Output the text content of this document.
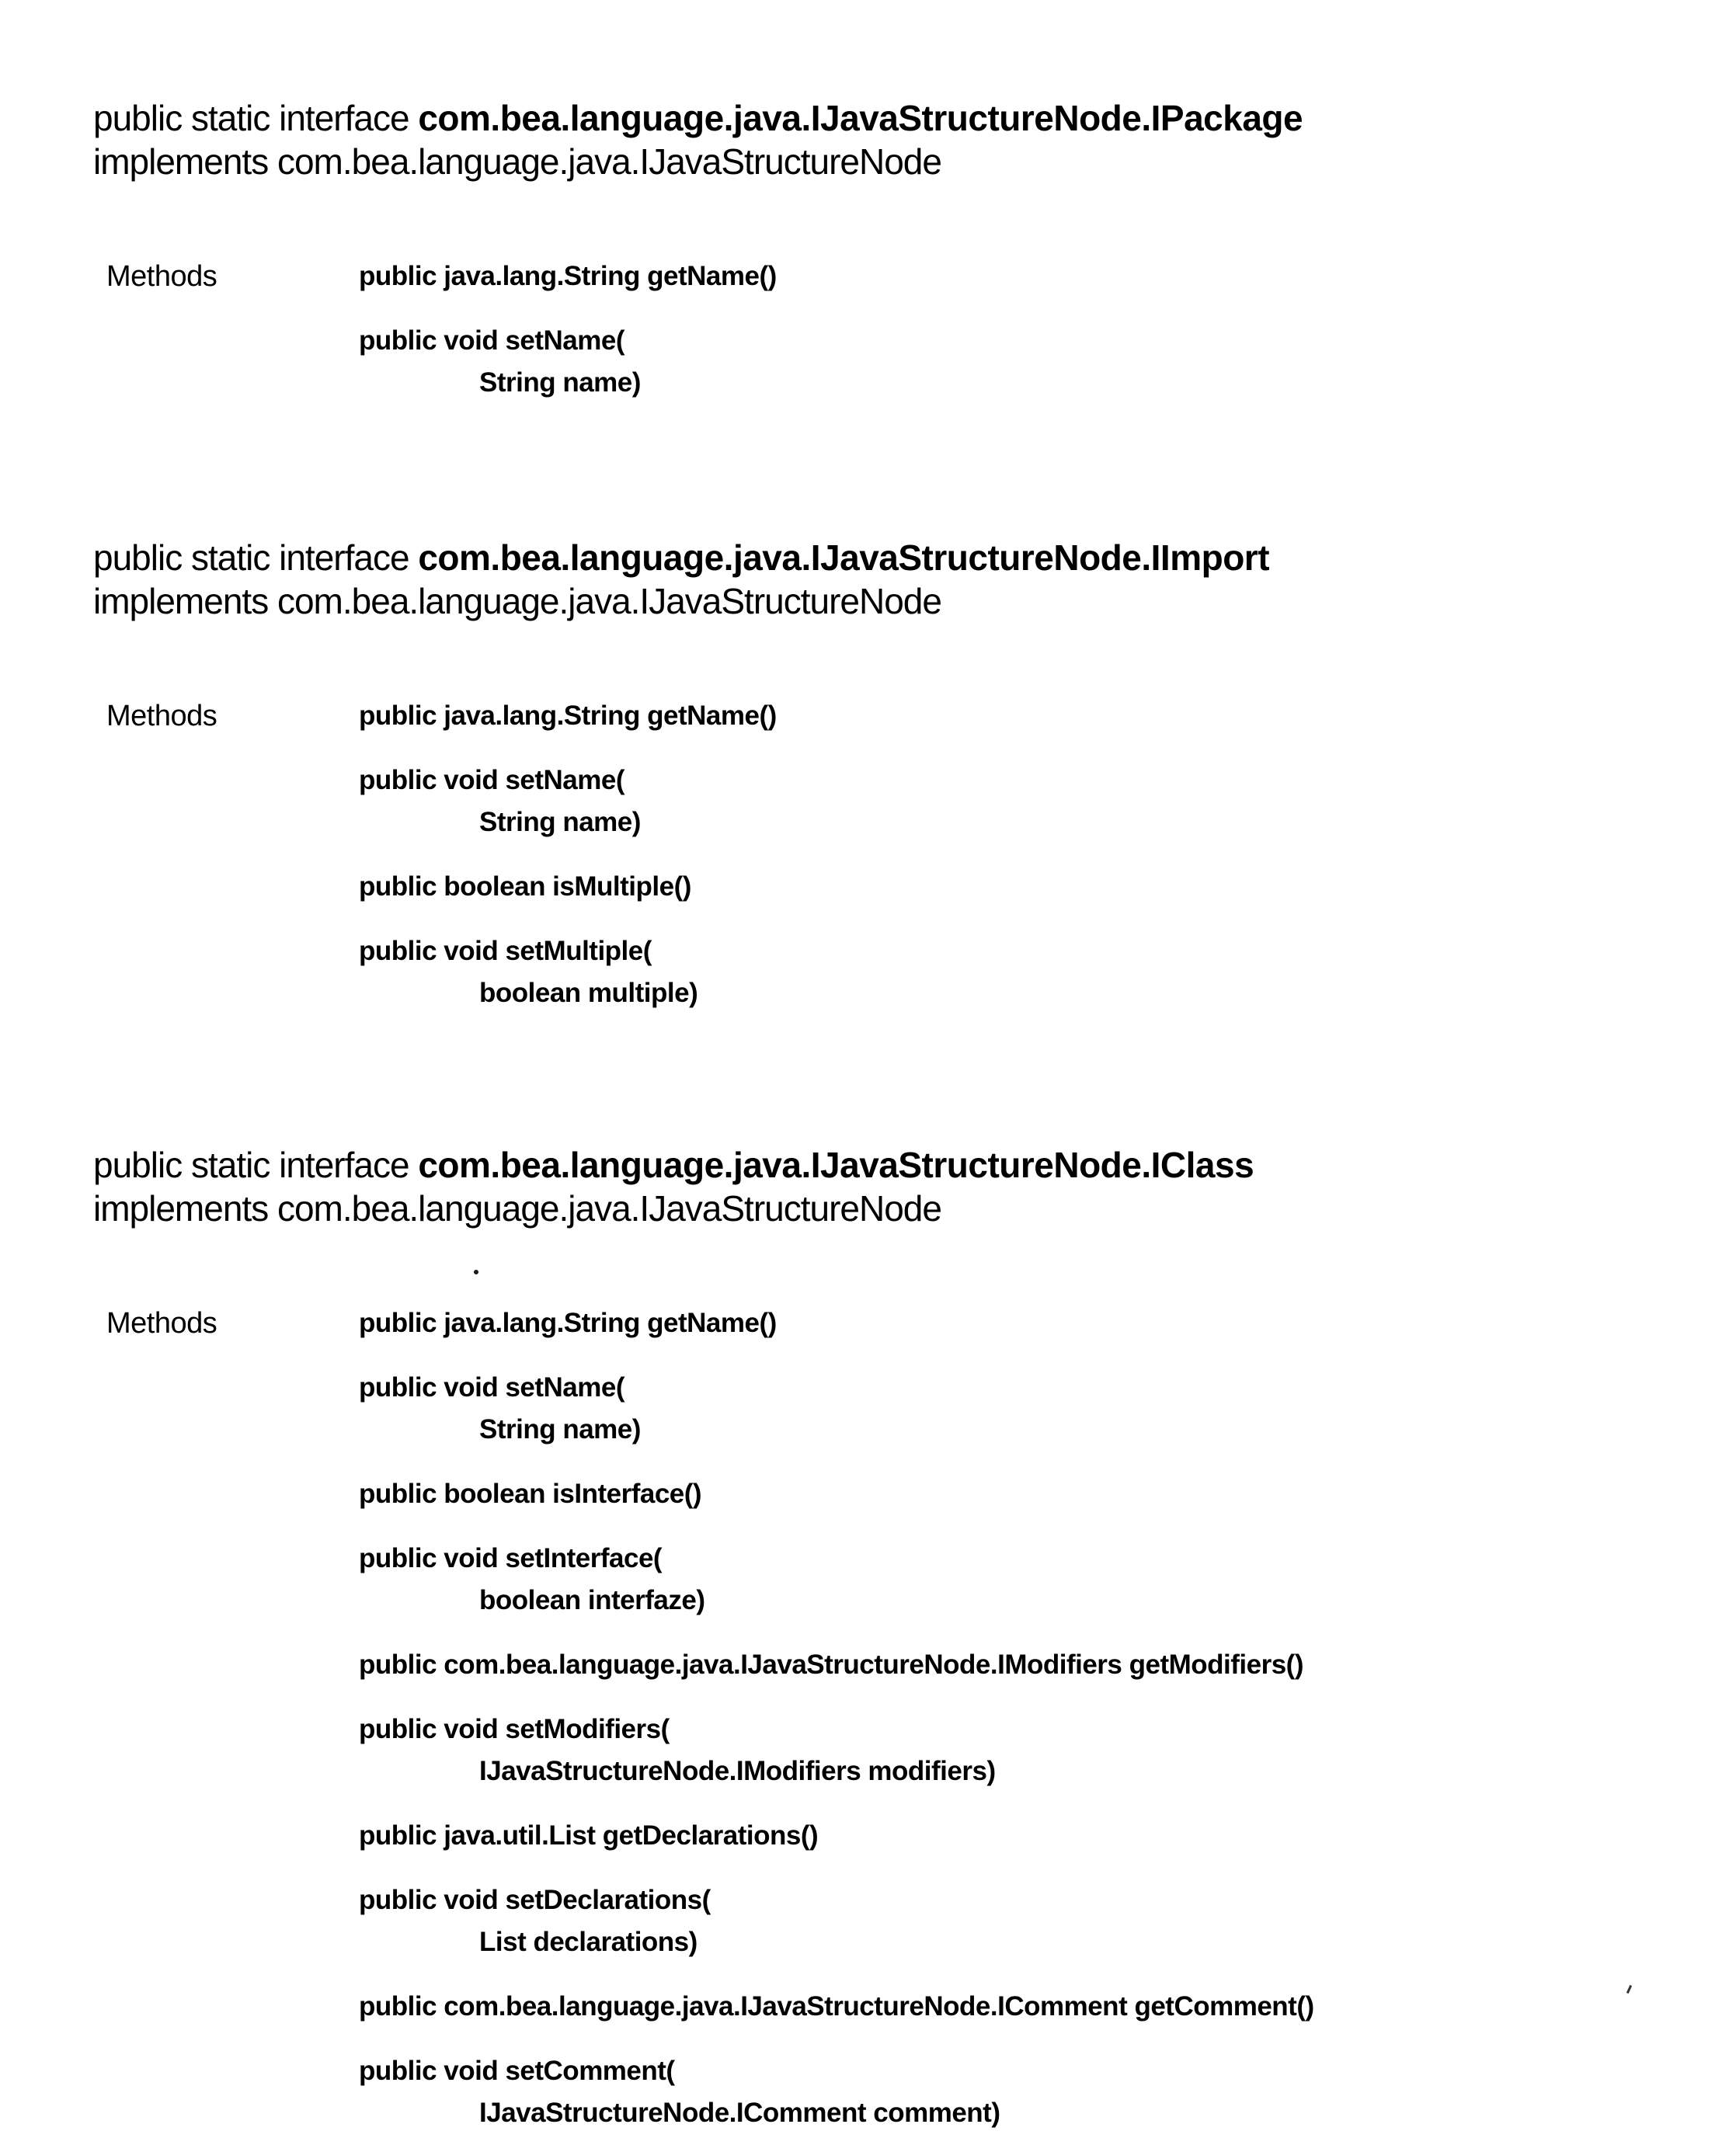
public static interface com.bea.language.java.IJavaStructureNode.IPackage
implements com.bea.language.java.IJavaStructureNode
Methods	public java.lang.String getName()
public void setName(
String name)
public static interface com.bea.language.java.IJavaStructureNode.IImport
implements com.bea.language.java.IJavaStructureNode
Methods	public java.lang.String getName()
public void setName(
String name)
public boolean isMultiple()
public void setMultiple(
boolean multiple)
public static interface com.bea.language.java.IJavaStructureNode.IClass
implements com.bea.language.java.IJavaStructureNode
Methods	public java.lang.String getName()
public void setName(
String name)
public boolean isInterface()
public void setInterface(
boolean interfaze)
public com.bea.language.java.IJavaStructureNode.IModifiers getModifiers()
public void setModifiers(
IJavaStructureNode.IModifiers modifiers)
public java.util.List getDeclarations()
public void setDeclarations(
List declarations)
public com.bea.language.java.IJavaStructureNode.IComment getComment()
public void setComment(
IJavaStructureNode.IComment comment)
